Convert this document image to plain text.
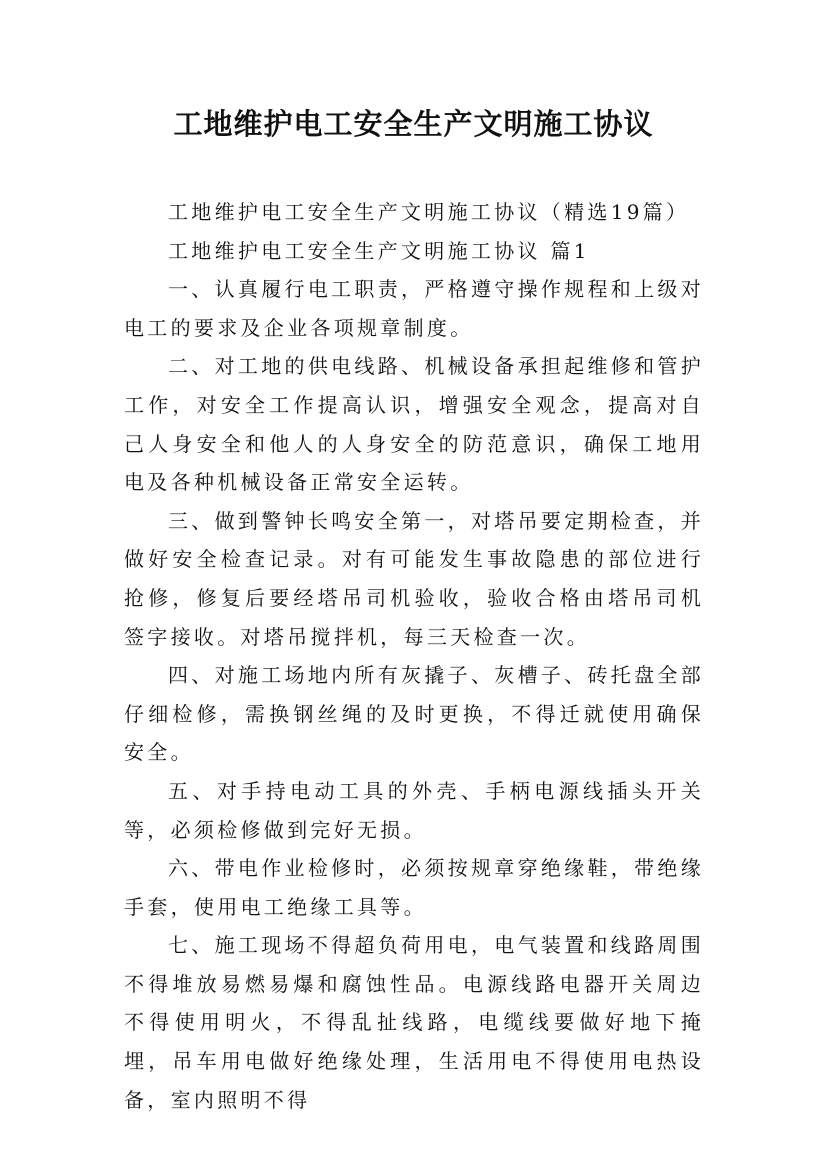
工地维护电工安全生产文明施工协议

工地维护电工安全生产文明施工协议（精选19篇）

工地维护电工安全生产文明施工协议 篇1

一、认真履行电工职责，严格遵守操作规程和上级对电工的要求及企业各项规章制度。

二、对工地的供电线路、机械设备承担起维修和管护工作，对安全工作提高认识，增强安全观念，提高对自己人身安全和他人的人身安全的防范意识，确保工地用电及各种机械设备正常安全运转。

三、做到警钟长鸣安全第一，对塔吊要定期检查，并做好安全检查记录。对有可能发生事故隐患的部位进行抢修，修复后要经塔吊司机验收，验收合格由塔吊司机签字接收。对塔吊搅拌机，每三天检查一次。

四、对施工场地内所有灰撬子、灰槽子、砖托盘全部仔细检修，需换钢丝绳的及时更换，不得迁就使用确保安全。

五、对手持电动工具的外壳、手柄电源线插头开关等，必须检修做到完好无损。

六、带电作业检修时，必须按规章穿绝缘鞋，带绝缘手套，使用电工绝缘工具等。

七、施工现场不得超负荷用电，电气装置和线路周围不得堆放易燃易爆和腐蚀性品。电源线路电器开关周边不得使用明火，不得乱扯线路，电缆线要做好地下掩埋，吊车用电做好绝缘处理，生活用电不得使用电热设备，室内照明不得
